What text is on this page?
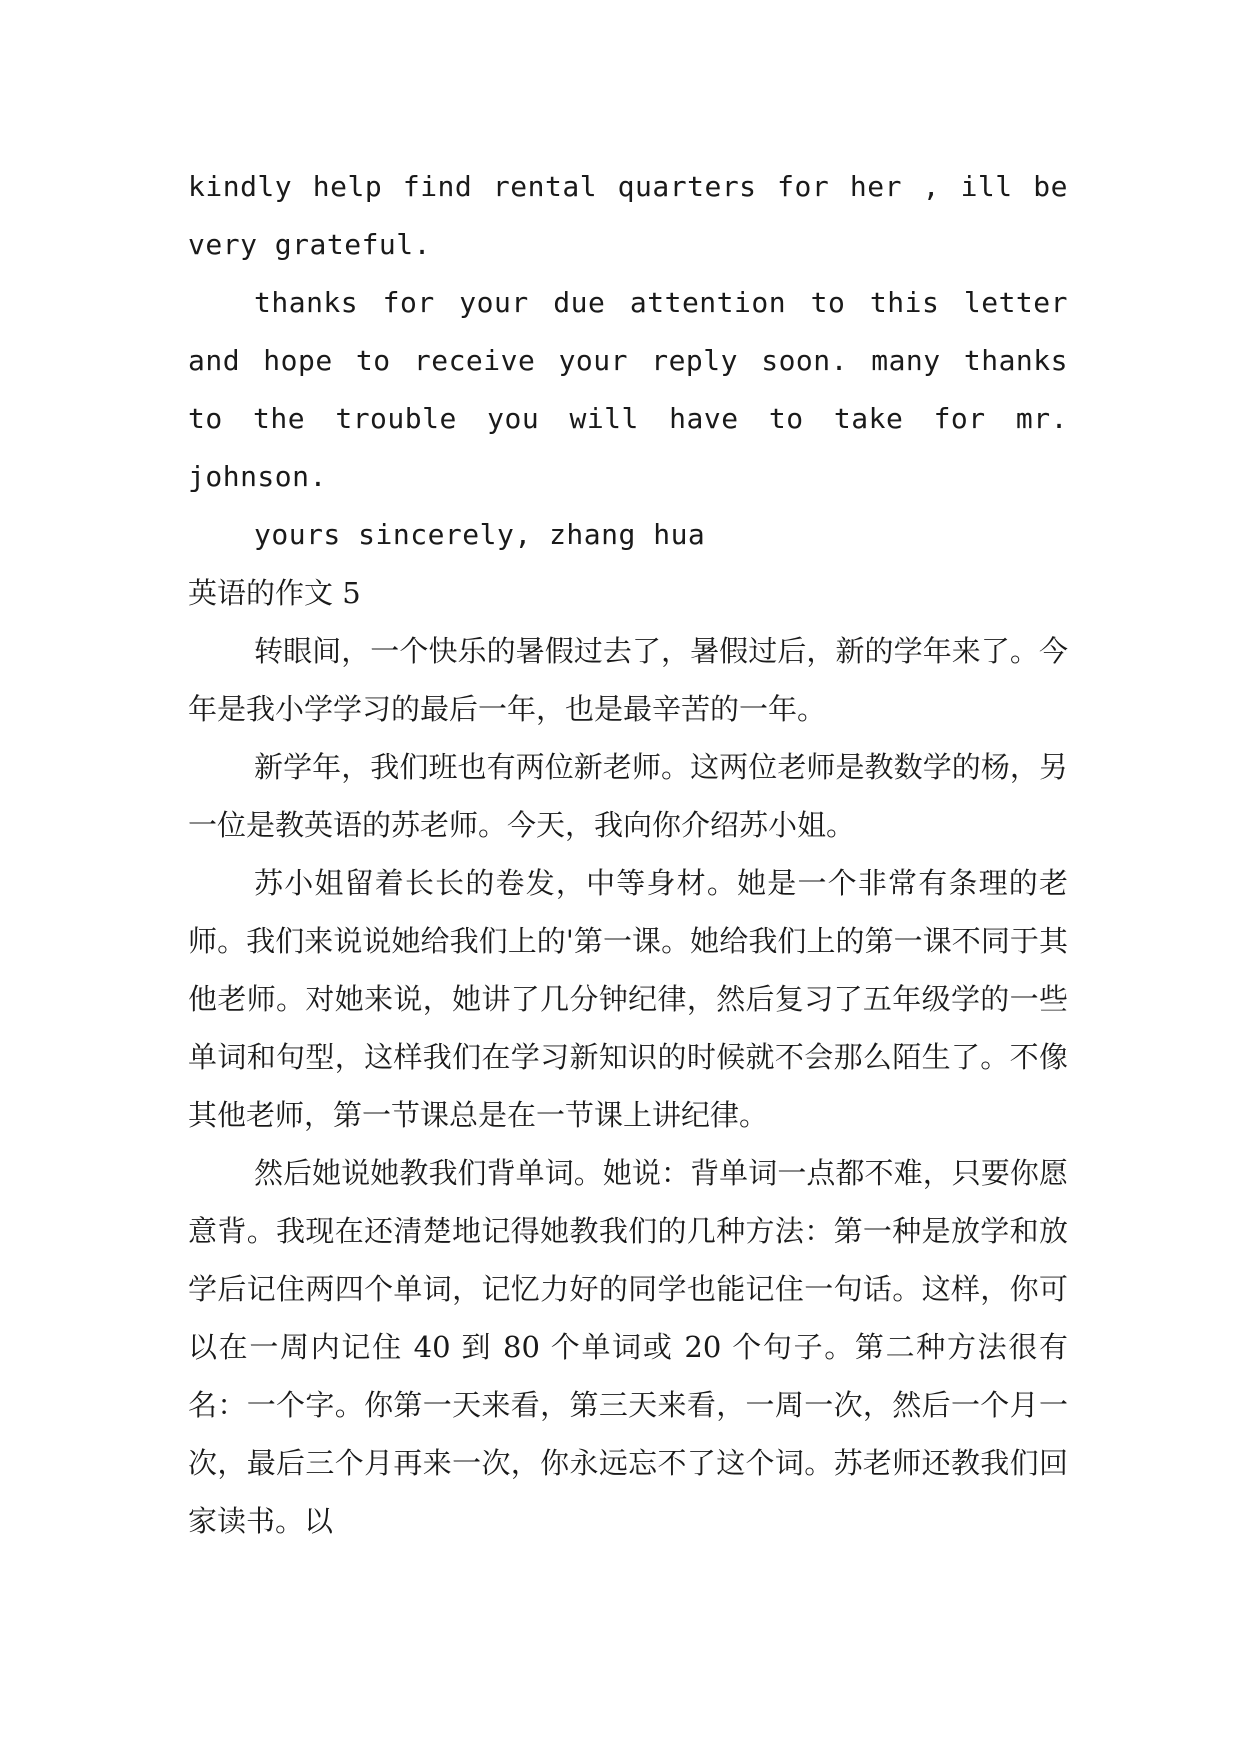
kindly help find rental quarters for her , ill be very grateful.

thanks for your due attention to this letter and hope to receive your reply soon. many thanks to the trouble you will have to take for mr. johnson.

yours sincerely, zhang hua

英语的作文 5

转眼间，一个快乐的暑假过去了，暑假过后，新的学年来了。今年是我小学学习的最后一年，也是最辛苦的一年。

新学年，我们班也有两位新老师。这两位老师是教数学的杨，另一位是教英语的苏老师。今天，我向你介绍苏小姐。

苏小姐留着长长的卷发，中等身材。她是一个非常有条理的老师。我们来说说她给我们上的'第一课。她给我们上的第一课不同于其他老师。对她来说，她讲了几分钟纪律，然后复习了五年级学的一些单词和句型，这样我们在学习新知识的时候就不会那么陌生了。不像其他老师，第一节课总是在一节课上讲纪律。

然后她说她教我们背单词。她说：背单词一点都不难，只要你愿意背。我现在还清楚地记得她教我们的几种方法：第一种是放学和放学后记住两四个单词，记忆力好的同学也能记住一句话。这样，你可以在一周内记住 40 到 80 个单词或 20 个句子。第二种方法很有名：一个字。你第一天来看，第三天来看，一周一次，然后一个月一次，最后三个月再来一次，你永远忘不了这个词。苏老师还教我们回家读书。以
